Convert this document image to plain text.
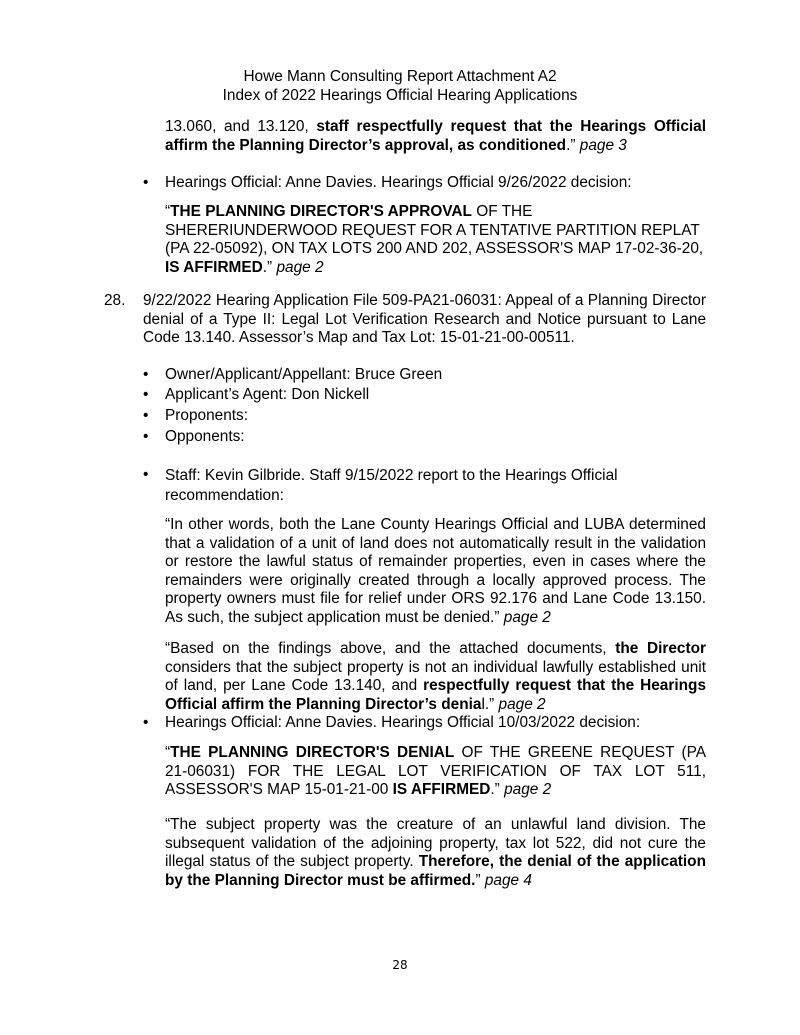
Howe Mann Consulting Report Attachment A2
Index of 2022 Hearings Official Hearing Applications
13.060, and 13.120, staff respectfully request that the Hearings Official affirm the Planning Director’s approval, as conditioned.” page 3
•	Hearings Official: Anne Davies. Hearings Official 9/26/2022 decision:
“THE PLANNING DIRECTOR'S APPROVAL OF THE SHERERIUNDERWOOD REQUEST FOR A TENTATIVE PARTITION REPLAT (PA 22-05092), ON TAX LOTS 200 AND 202, ASSESSOR'S MAP 17-02-36-20, IS AFFIRMED.” page 2
28. 9/22/2022 Hearing Application File 509-PA21-06031: Appeal of a Planning Director denial of a Type II: Legal Lot Verification Research and Notice pursuant to Lane Code 13.140. Assessor’s Map and Tax Lot: 15-01-21-00-00511.
•	Owner/Applicant/Appellant: Bruce Green
•	Applicant’s Agent: Don Nickell
•	Proponents:
•	Opponents:
•	Staff: Kevin Gilbride. Staff 9/15/2022 report to the Hearings Official recommendation:
“In other words, both the Lane County Hearings Official and LUBA determined that a validation of a unit of land does not automatically result in the validation or restore the lawful status of remainder properties, even in cases where the remainders were originally created through a locally approved process. The property owners must file for relief under ORS 92.176 and Lane Code 13.150. As such, the subject application must be denied.” page 2
“Based on the findings above, and the attached documents, the Director considers that the subject property is not an individual lawfully established unit of land, per Lane Code 13.140, and respectfully request that the Hearings Official affirm the Planning Director’s denial.” page 2
•	Hearings Official: Anne Davies. Hearings Official 10/03/2022 decision:
“THE PLANNING DIRECTOR'S DENIAL OF THE GREENE REQUEST (PA 21-06031) FOR THE LEGAL LOT VERIFICATION OF TAX LOT 511, ASSESSOR'S MAP 15-01-21-00 IS AFFIRMED.” page 2
“The subject property was the creature of an unlawful land division. The subsequent validation of the adjoining property, tax lot 522, did not cure the illegal status of the subject property. Therefore, the denial of the application by the Planning Director must be affirmed.” page 4
28
